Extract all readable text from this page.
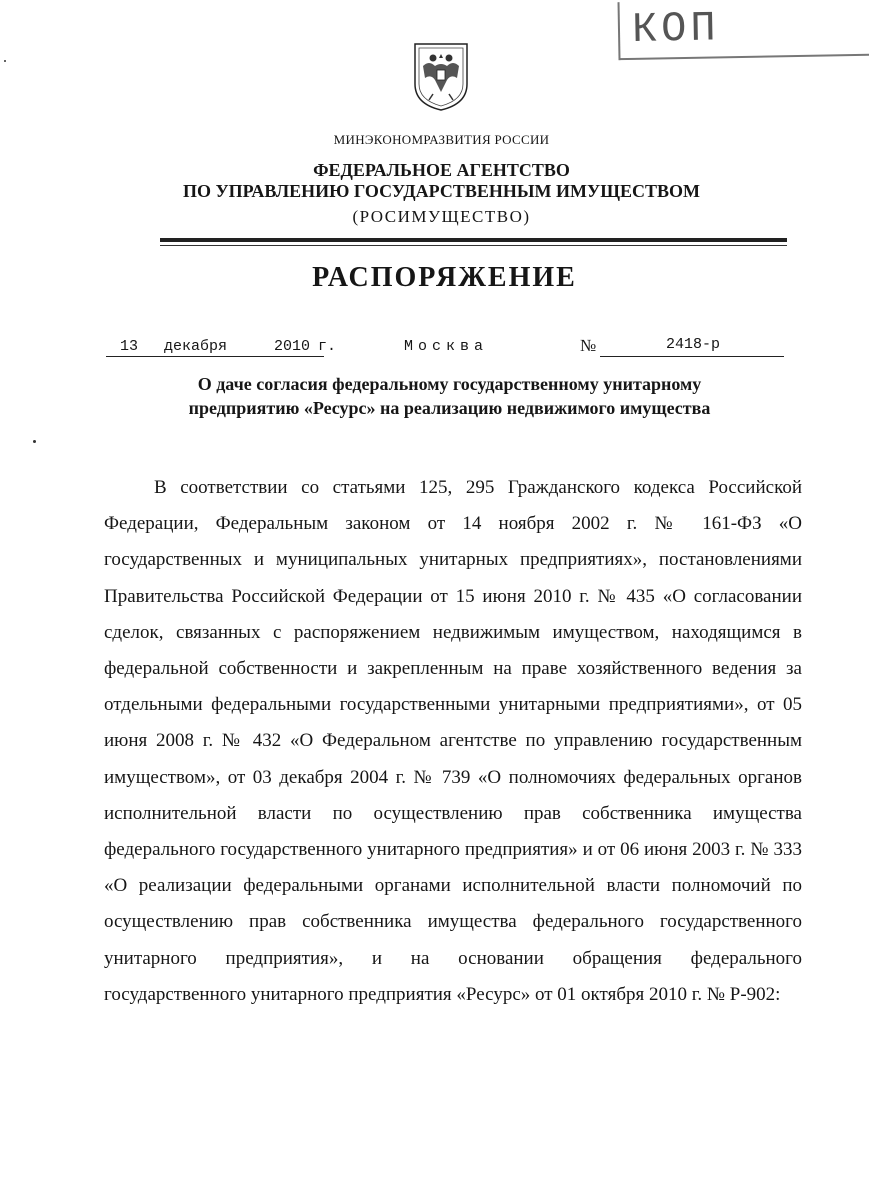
КОП
МИНЭКОНОМРАЗВИТИЯ РОССИИ
ФЕДЕРАЛЬНОЕ АГЕНТСТВО
ПО УПРАВЛЕНИЮ ГОСУДАРСТВЕННЫМ ИМУЩЕСТВОМ
(РОСИМУЩЕСТВО)
РАСПОРЯЖЕНИЕ
13 декабря	2010 г.	Москва	№	2418-р
О даче согласия федеральному государственному унитарному
предприятию «Ресурс» на реализацию недвижимого имущества
В соответствии со статьями 125, 295 Гражданского кодекса Российской Федерации, Федеральным законом от 14 ноября 2002 г. № 161-ФЗ «О государственных и муниципальных унитарных предприятиях», постановлениями Правительства Российской Федерации от 15 июня 2010 г. № 435 «О согласовании сделок, связанных с распоряжением недвижимым имуществом, находящимся в федеральной собственности и закрепленным на праве хозяйственного ведения за отдельными федеральными государственными унитарными предприятиями», от 05 июня 2008 г. № 432 «О Федеральном агентстве по управлению государственным имуществом», от 03 декабря 2004 г. № 739 «О полномочиях федеральных органов исполнительной власти по осуществлению прав собственника имущества федерального государственного унитарного предприятия» и от 06 июня 2003 г. № 333 «О реализации федеральными органами исполнительной власти полномочий по осуществлению прав собственника имущества федерального государственного унитарного предприятия», и на основании обращения федерального государственного унитарного предприятия «Ресурс» от 01 октября 2010 г. № Р-902:
